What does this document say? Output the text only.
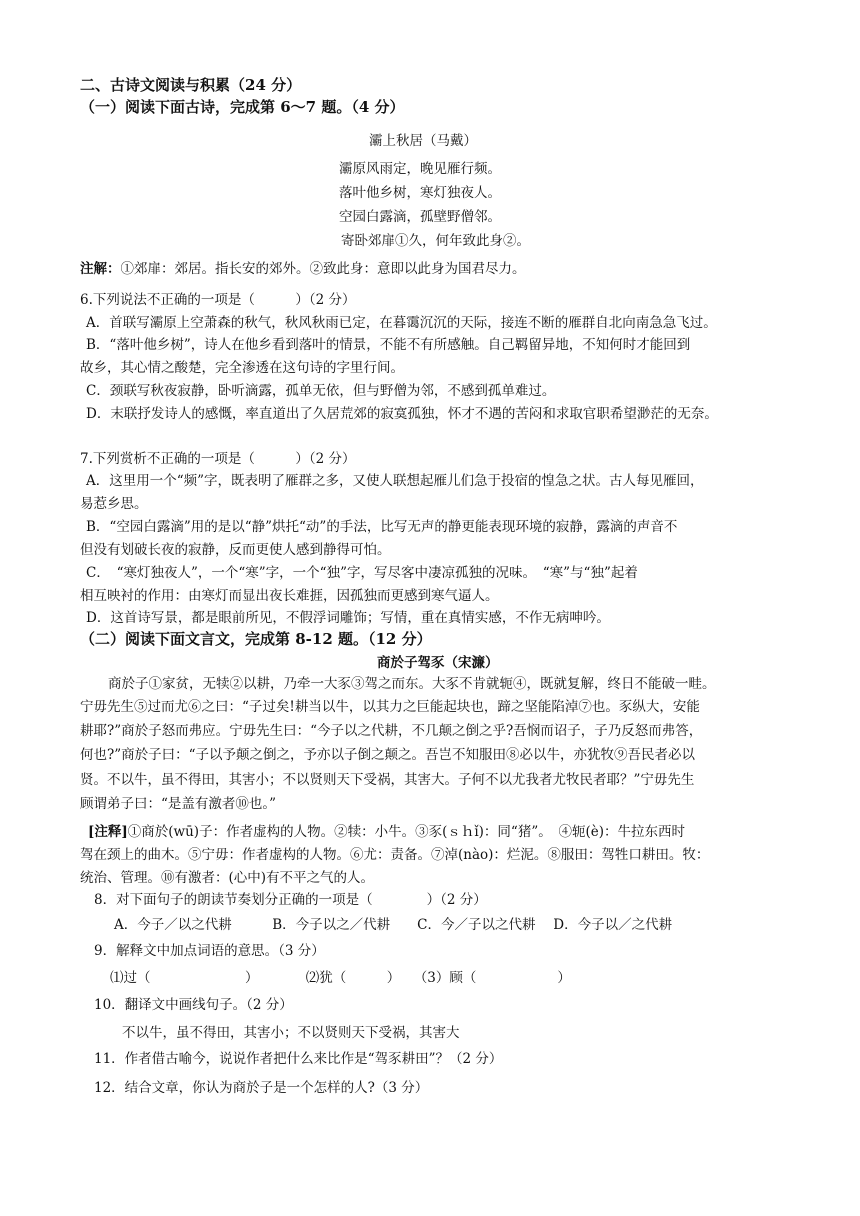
二、古诗文阅读与积累（24 分）
（一）阅读下面古诗，完成第 6～7 题。（4 分）
灞上秋居（马戴）
灞原风雨定，晚见雁行频。
落叶他乡树，寒灯独夜人。
空园白露滴，孤壁野僧邻。
寄卧郊扉①久，何年致此身②。
注解：①郊扉：郊居。指长安的郊外。②致此身：意即以此身为国君尽力。
6.下列说法不正确的一项是（　　　）（2 分）
A．首联写灞原上空萧森的秋气，秋风秋雨已定，在暮霭沉沉的天际，接连不断的雁群自北向南急急飞过。
B．“落叶他乡树”，诗人在他乡看到落叶的情景，不能不有所感触。自己羁留异地，不知何时才能回到
故乡，其心情之酸楚，完全渗透在这句诗的字里行间。
C．颈联写秋夜寂静，卧听滴露，孤单无依，但与野僧为邻，不感到孤单难过。
D．末联抒发诗人的感慨，率直道出了久居荒郊的寂寞孤独，怀才不遇的苦闷和求取官职希望渺茫的无奈。
7.下列赏析不正确的一项是（　　　）（2 分）
A．这里用一个“频”字，既表明了雁群之多，又使人联想起雁儿们急于投宿的惶急之状。古人每见雁回，
易惹乡思。
B．“空园白露滴”用的是以“静”烘托“动”的手法，比写无声的静更能表现环境的寂静，露滴的声音不
但没有划破长夜的寂静，反而更使人感到静得可怕。
C．　“寒灯独夜人”，一个“寒”字，一个“独”字，写尽客中凄凉孤独的况味。　“寒”与“独”起着
相互映衬的作用：由寒灯而显出夜长难捱，因孤独而更感到寒气逼人。
D．这首诗写景，都是眼前所见，不假浮词雕饰；写情，重在真情实感，不作无病呻吟。
（二）阅读下面文言文，完成第 8-12 题。（12 分）
商於子驾豕（宋濂）
商於子①家贫，无犊②以耕，乃牵一大豕③驾之而东。大豕不肯就轭④，既就复解，终日不能破一畦。
宁毋先生⑤过而尤⑥之曰：“子过矣!耕当以牛，以其力之巨能起块也，蹄之坚能陷淖⑦也。豕纵大，安能
耕耶?”商於子怒而弗应。宁毋先生曰：“今子以之代耕，不几颠之倒之乎?吾悯而诏子，子乃反怒而弗答，
何也?”商於子曰：“子以予颠之倒之，予亦以子倒之颠之。吾岂不知服田⑧必以牛，亦犹牧⑨吾民者必以
贤。不以牛，虽不得田，其害小；不以贤则天下受祸，其害大。子何不以尤我者尤牧民者耶？”宁毋先生
顾谓弟子曰：“是盖有激者⑩也。”
[注释]①商於(wū)子：作者虚构的人物。②犊：小牛。③豕(ｓｈǐ)：同“猪”。　④轭(è)：牛拉东西时
驾在颈上的曲木。⑤宁毋：作者虚构的人物。⑥尤：责备。⑦淖(nào)：烂泥。⑧服田：驾牲口耕田。牧：
统治、管理。⑩有激者：(心中)有不平之气的人。
8．对下面句子的朗读节奏划分正确的一项是（　　　　）（2 分）
A．今子／以之代耕　　　B．今子以之／代耕　　C．今／子以之代耕　 D．今子以／之代耕
9．解释文中加点词语的意思。（3 分）
⑴过（　　　　　　　）　　　　⑵犹（　　　）　　（3）顾（　　　　　　）
10．翻译文中画线句子。（2 分）
不以牛，虽不得田，其害小；不以贤则天下受祸，其害大
11．作者借古喻今，说说作者把什么来比作是“驾豕耕田”？（2 分）
12．结合文章，你认为商於子是一个怎样的人?（3 分）
